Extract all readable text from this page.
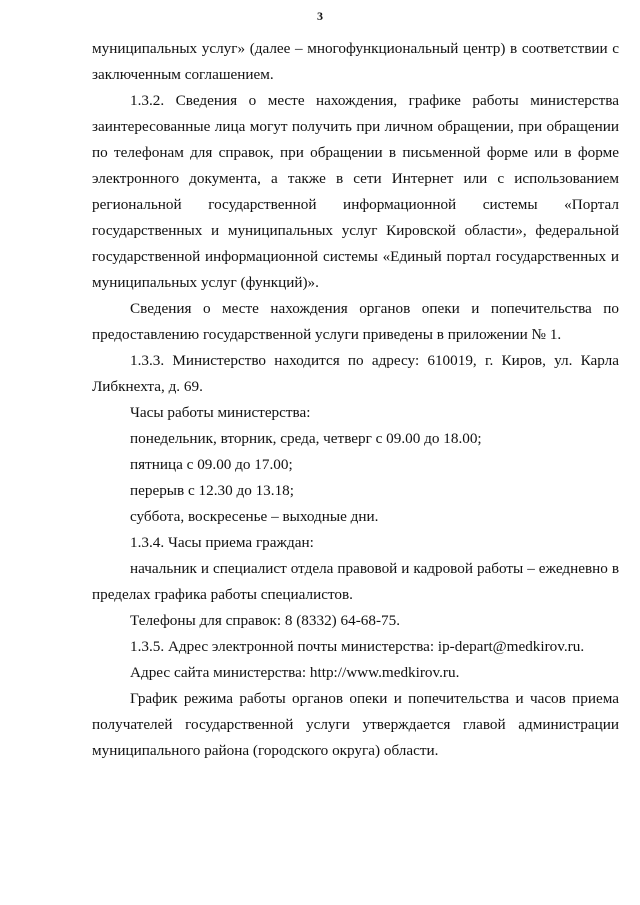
3

муниципальных услуг» (далее – многофункциональный центр) в соответствии с заключенным соглашением.

1.3.2. Сведения о месте нахождения, графике работы министерства заинтересованные лица могут получить при личном обращении, при обращении по телефонам для справок, при обращении в письменной форме или в форме электронного документа, а также в сети Интернет или с использованием региональной государственной информационной системы «Портал государственных и муниципальных услуг Кировской области», федеральной государственной информационной системы «Единый портал государственных и муниципальных услуг (функций)».

Сведения о месте нахождения органов опеки и попечительства по предоставлению государственной услуги приведены в приложении № 1.

1.3.3. Министерство находится по адресу: 610019, г. Киров, ул. Карла Либкнехта, д. 69.

Часы работы министерства:

понедельник, вторник, среда, четверг с 09.00 до 18.00;

пятница с 09.00 до 17.00;

перерыв с 12.30 до 13.18;

суббота, воскресенье – выходные дни.

1.3.4. Часы приема граждан:

начальник и специалист отдела правовой и кадровой работы – ежедневно в пределах графика работы специалистов.

Телефоны для справок: 8 (8332) 64-68-75.

1.3.5. Адрес электронной почты министерства: ip-depart@medkirov.ru.

Адрес сайта министерства: http://www.medkirov.ru.

График режима работы органов опеки и попечительства и часов приема получателей государственной услуги утверждается главой администрации муниципального района (городского округа) области.
